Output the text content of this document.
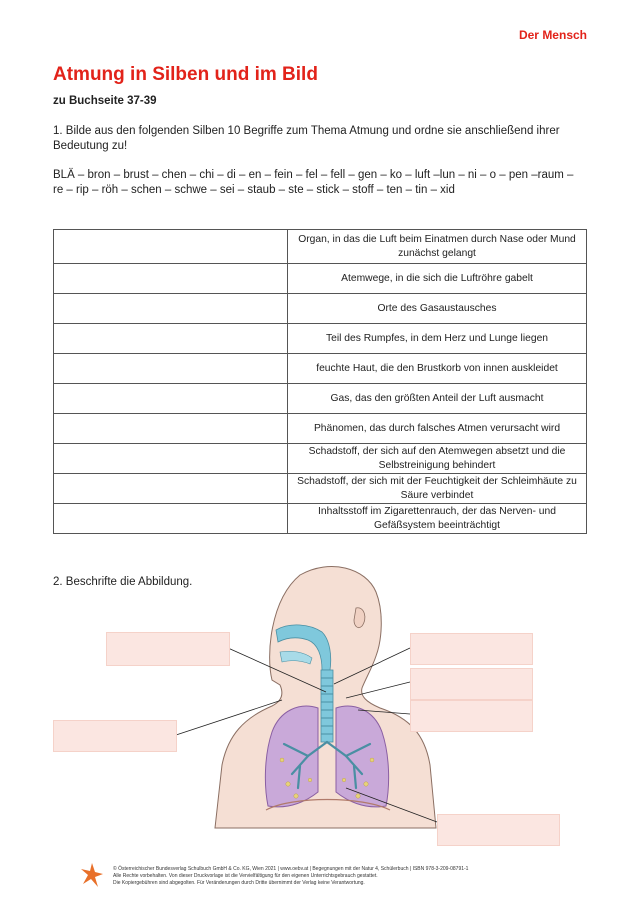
Der Mensch
Atmung in Silben und im Bild
zu Buchseite 37-39
1. Bilde aus den folgenden Silben 10 Begriffe zum Thema Atmung und ordne sie anschließend ihrer Bedeutung zu!
BLÄ – bron – brust – chen – chi – di – en – fein – fel – fell – gen – ko – luft –lun – ni – o – pen –raum –
re – rip – röh – schen – schwe – sei – staub – ste – stick – stoff – ten – tin – xid
	Organ, in das die Luft beim Einatmen durch Nase oder Mund zunächst gelangt
	Atemwege, in die sich die Luftröhre gabelt
	Orte des Gasaustausches
	Teil des Rumpfes, in dem Herz und Lunge liegen
	feuchte Haut, die den Brustkorb von innen auskleidet
	Gas, das den größten Anteil der Luft ausmacht
	Phänomen, das durch falsches Atmen verursacht wird
	Schadstoff, der sich auf den Atemwegen absetzt und die Selbstreinigung behindert
	Schadstoff, der sich mit der Feuchtigkeit der Schleimhäute zu Säure verbindet
	Inhaltsstoff im Zigarettenrauch, der das Nerven- und Gefäßsystem beeinträchtigt
2. Beschrifte die Abbildung.
© Österreichischer Bundesverlag Schulbuch GmbH & Co. KG, Wien 2021 | www.oebv.at | Begegnungen mit der Natur 4, Schülerbuch | ISBN 978-3-209-08791-1
Alle Rechte vorbehalten. Von dieser Druckvorlage ist die Vervielfältigung für den eigenen Unterrichtsgebrauch gestattet.
Die Kopiergebühren sind abgegolten. Für Veränderungen durch Dritte übernimmt der Verlag keine Verantwortung.
